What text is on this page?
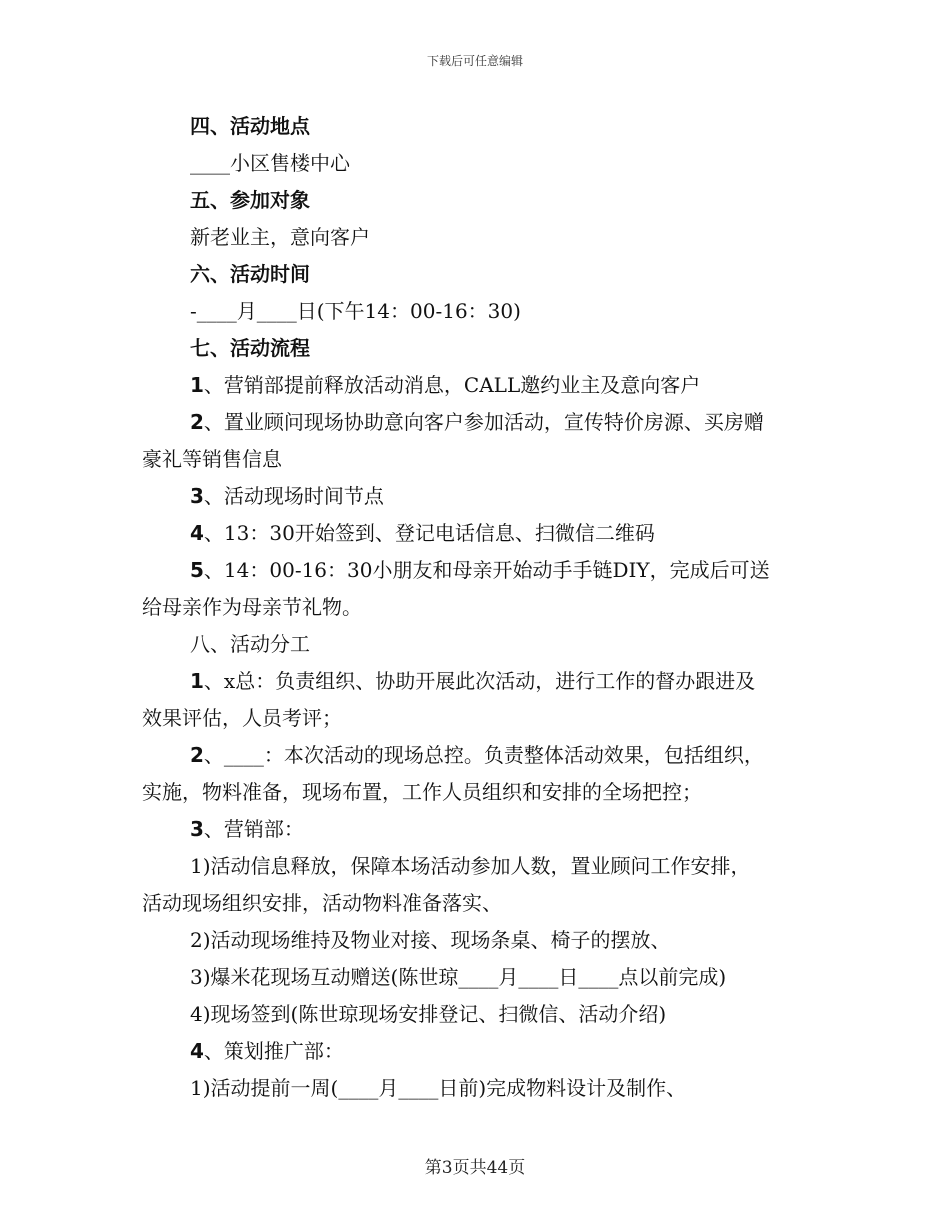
下载后可任意编辑

四、活动地点

____小区售楼中心

五、参加对象

新老业主，意向客户

六、活动时间

-____月____日(下午14：00-16：30)

七、活动流程

1、营销部提前释放活动消息，CALL邀约业主及意向客户

2、置业顾问现场协助意向客户参加活动，宣传特价房源、买房赠

豪礼等销售信息

3、活动现场时间节点

4、13：30开始签到、登记电话信息、扫微信二维码

5、14：00-16：30小朋友和母亲开始动手手链DIY，完成后可送

给母亲作为母亲节礼物。

八、活动分工

1、x总：负责组织、协助开展此次活动，进行工作的督办跟进及

效果评估，人员考评；

2、____：本次活动的现场总控。负责整体活动效果，包括组织，

实施，物料准备，现场布置，工作人员组织和安排的全场把控；

3、营销部：

1)活动信息释放，保障本场活动参加人数，置业顾问工作安排，

活动现场组织安排，活动物料准备落实、

2)活动现场维持及物业对接、现场条桌、椅子的摆放、

3)爆米花现场互动赠送(陈世琼____月____日____点以前完成)

4)现场签到(陈世琼现场安排登记、扫微信、活动介绍)

4、策划推广部：

1)活动提前一周(____月____日前)完成物料设计及制作、

第3页共44页
